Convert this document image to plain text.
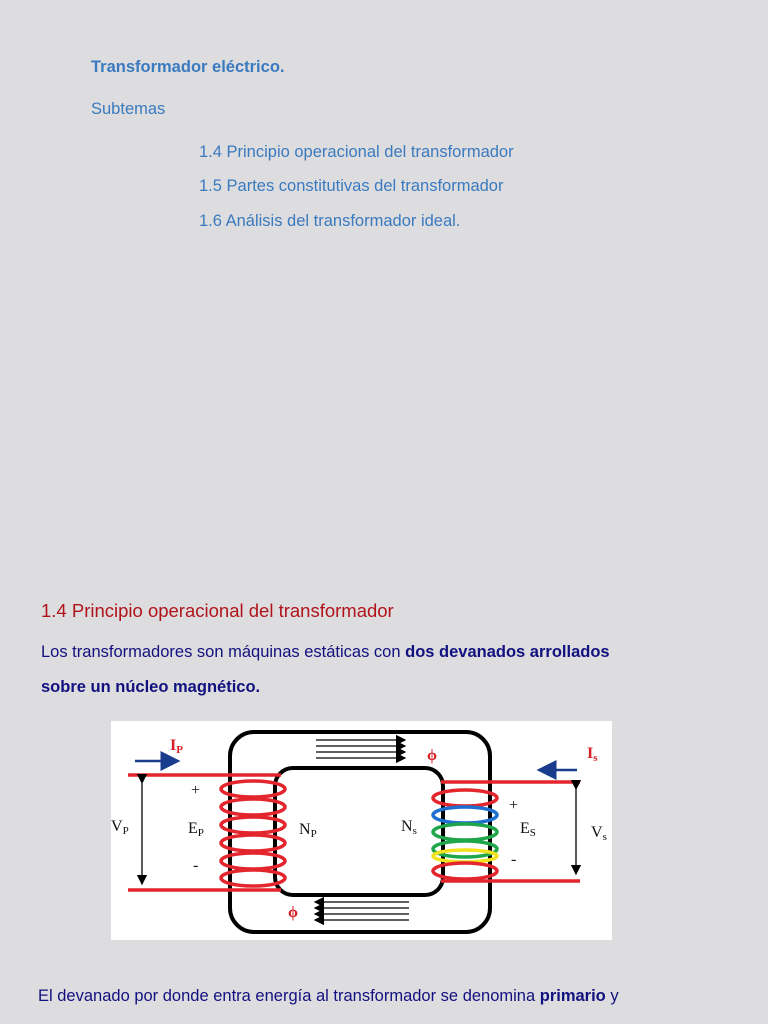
Transformador eléctrico.
Subtemas
1.4 Principio operacional del transformador
1.5 Partes constitutivas del transformador
1.6 Análisis del transformador ideal.
1.4 Principio operacional del transformador
Los transformadores son máquinas estáticas con dos devanados arrollados
sobre un núcleo magnético.
IP	Is
ϕ
ϕ
VP	Vs
EP	ES
NP	Ns
+
-
+
-
El devanado por donde entra energía al transformador se denomina primario y
